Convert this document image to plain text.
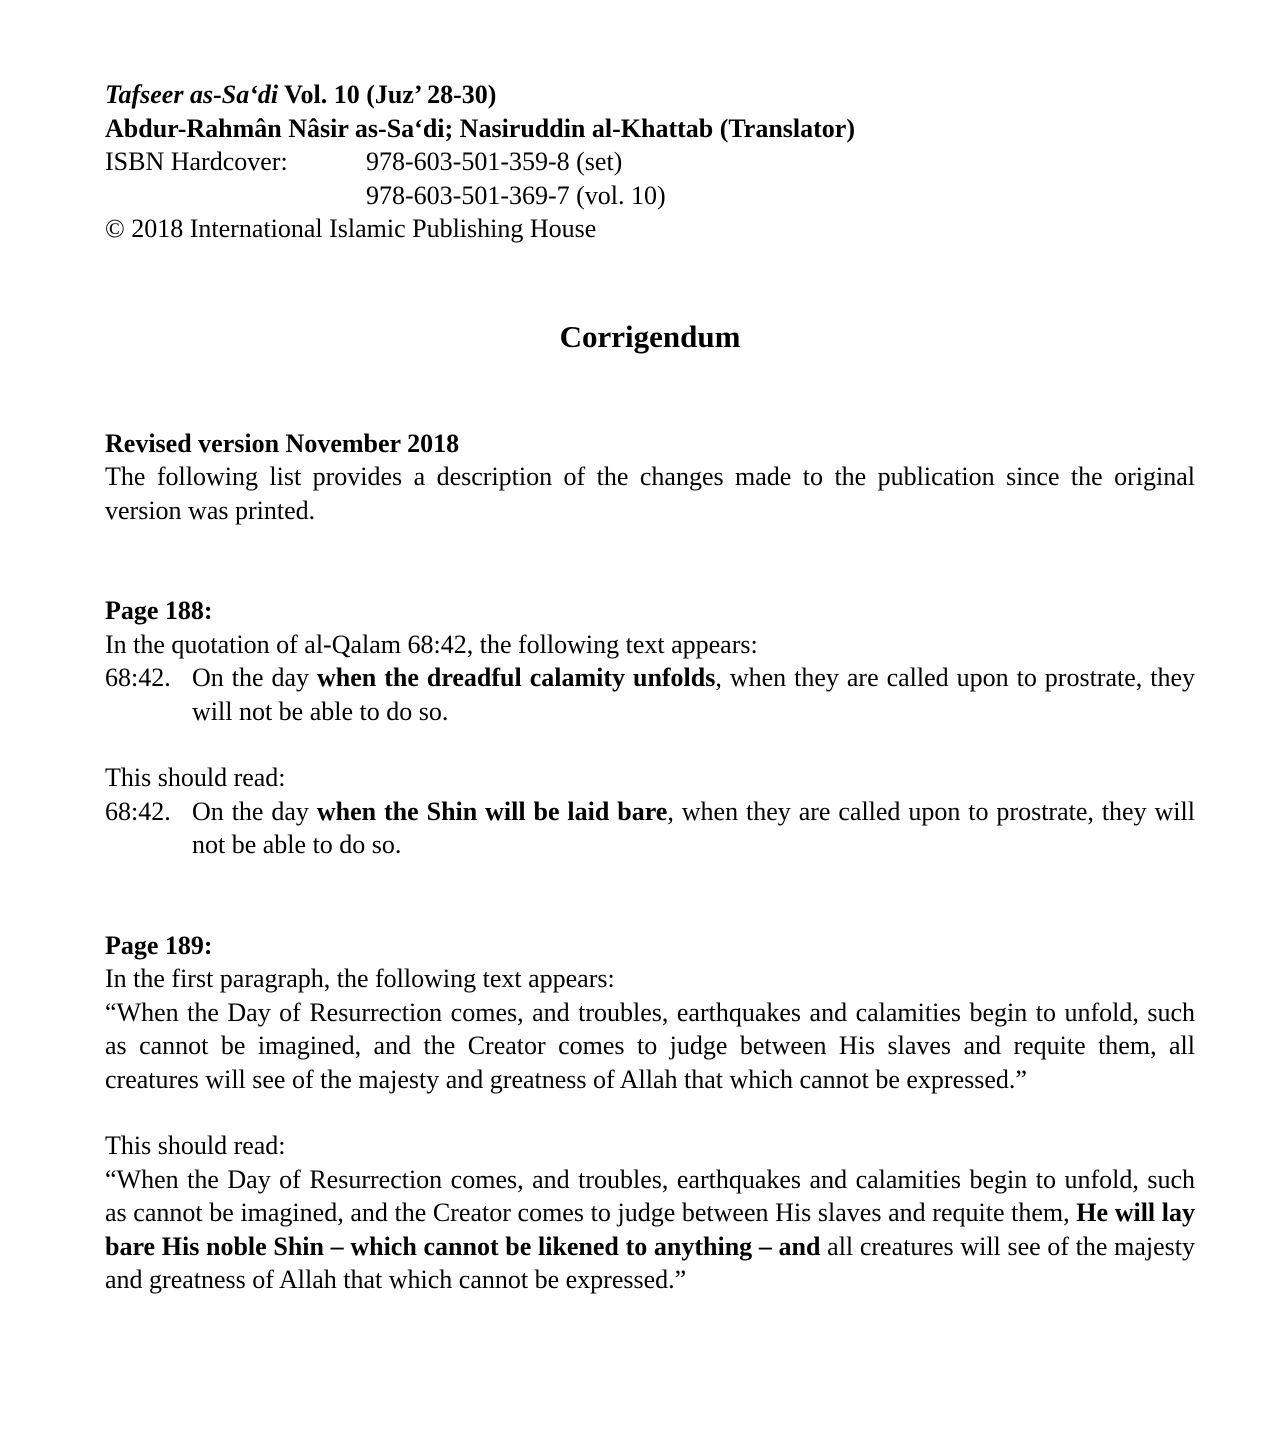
Tafseer as-Sa‘di Vol. 10 (Juz’ 28-30)
Abdur-Rahmân Nâsir as-Sa‘di; Nasiruddin al-Khattab (Translator)
ISBN Hardcover:	978-603-501-359-8 (set)
978-603-501-369-7 (vol. 10)
© 2018 International Islamic Publishing House
Corrigendum
Revised version November 2018
The following list provides a description of the changes made to the publication since the original version was printed.
Page 188:
In the quotation of al-Qalam 68:42, the following text appears:
68:42. On the day when the dreadful calamity unfolds, when they are called upon to prostrate, they will not be able to do so.
This should read:
68:42. On the day when the Shin will be laid bare, when they are called upon to prostrate, they will not be able to do so.
Page 189:
In the first paragraph, the following text appears:
“When the Day of Resurrection comes, and troubles, earthquakes and calamities begin to unfold, such as cannot be imagined, and the Creator comes to judge between His slaves and requite them, all creatures will see of the majesty and greatness of Allah that which cannot be expressed.”
This should read:
“When the Day of Resurrection comes, and troubles, earthquakes and calamities begin to unfold, such as cannot be imagined, and the Creator comes to judge between His slaves and requite them, He will lay bare His noble Shin – which cannot be likened to anything – and all creatures will see of the majesty and greatness of Allah that which cannot be expressed.”
